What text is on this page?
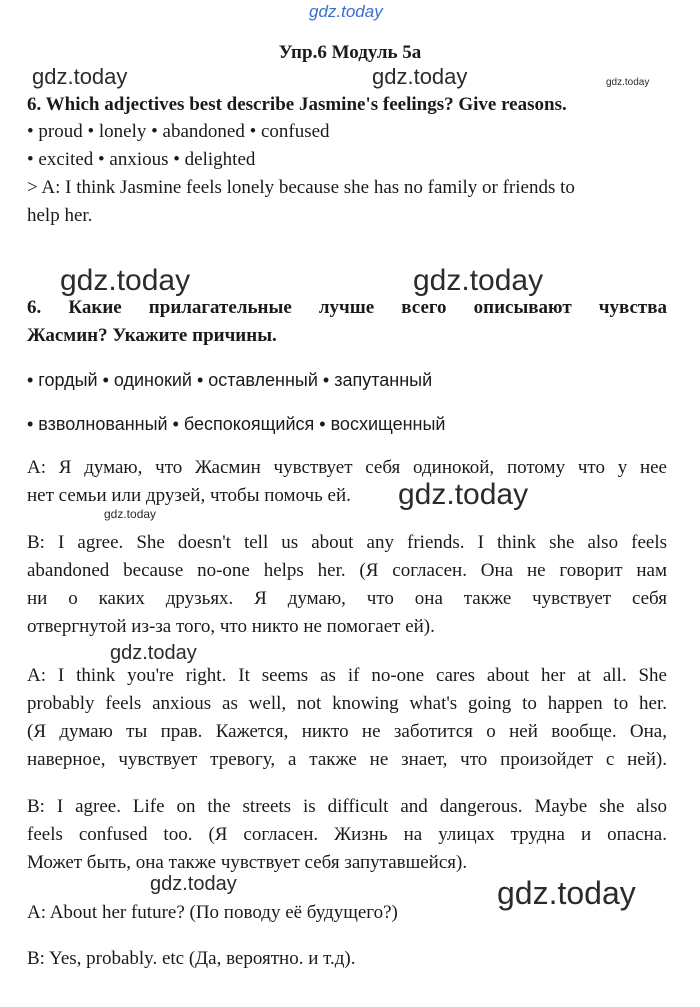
gdz.today
gdz.today	gdz.today	gdz.today
gdz.today	gdz.today
gdz.today
gdz.today
gdz.today
gdz.today	gdz.today
Упр.6 Модуль 5а
6. Which adjectives best describe Jasmine's feelings? Give reasons.
• proud • lonely • abandoned • confused
• excited • anxious • delighted
> A: I think Jasmine feels lonely because she has no family or friends to
help her.
6. Какие прилагательные лучше всего описывают чувства
Жасмин? Укажите причины.
• гордый • одинокий • оставленный • запутанный
• взволнованный • беспокоящийся • восхищенный
А: Я думаю, что Жасмин чувствует себя одинокой, потому что у нее
нет семьи или друзей, чтобы помочь ей.
B: I agree. She doesn't tell us about any friends. I think she also feels
abandoned because no-one helps her. (Я согласен. Она не говорит нам
ни о каких друзьях. Я думаю, что она также чувствует себя
отвергнутой из-за того, что никто не помогает ей).
A: I think you're right. It seems as if no-one cares about her at all. She
probably feels anxious as well, not knowing what's going to happen to her.
(Я думаю ты прав. Кажется, никто не заботится о ней вообще. Она,
наверное, чувствует тревогу, а также не знает, что произойдет с ней).
B: I agree. Life on the streets is difficult and dangerous. Maybe she also
feels confused too. (Я согласен. Жизнь на улицах трудна и опасна.
Может быть, она также чувствует себя запутавшейся).
A: About her future? (По поводу её будущего?)
B: Yes, probably. etc (Да, вероятно. и т.д).
